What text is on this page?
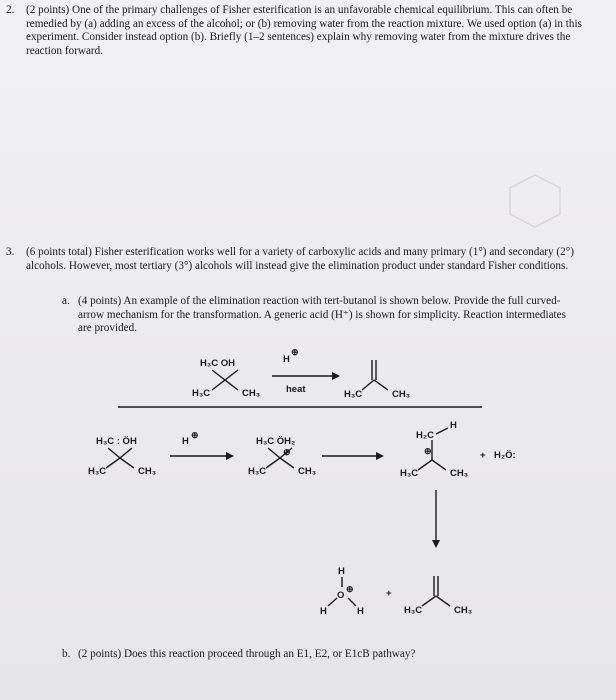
2.	(2 points) One of the primary challenges of Fisher esterification is an unfavorable chemical equilibrium. This can often be remedied by (a) adding an excess of the alcohol; or (b) removing water from the reaction mixture. We used option (a) in this experiment. Consider instead option (b). Briefly (1–2 sentences) explain why removing water from the mixture drives the reaction forward.
3.	(6 points total) Fisher esterification works well for a variety of carboxylic acids and many primary (1°) and secondary (2°) alcohols. However, most tertiary (3°) alcohols will instead give the elimination product under standard Fisher conditions.
a. (4 points) An example of the elimination reaction with tert-butanol is shown below. Provide the full curved-arrow mechanism for the transformation. A generic acid (H⁺) is shown for simplicity. Reaction intermediates are provided.
H₃C OH
H₃C	CH₃
H
⊕
heat	H₃C	CH₃
H₃C : ÖH
H₃C	CH₃
H
⊕
H₃C ÖH₂
⊕
H₃C	CH₃
H₂C
H
⊕
H₃C	CH₃
+ H₂Ö:
H
O
⊕
H	H
+
H₃C	CH₃
b. (2 points) Does this reaction proceed through an E1, E2, or E1cB pathway?
